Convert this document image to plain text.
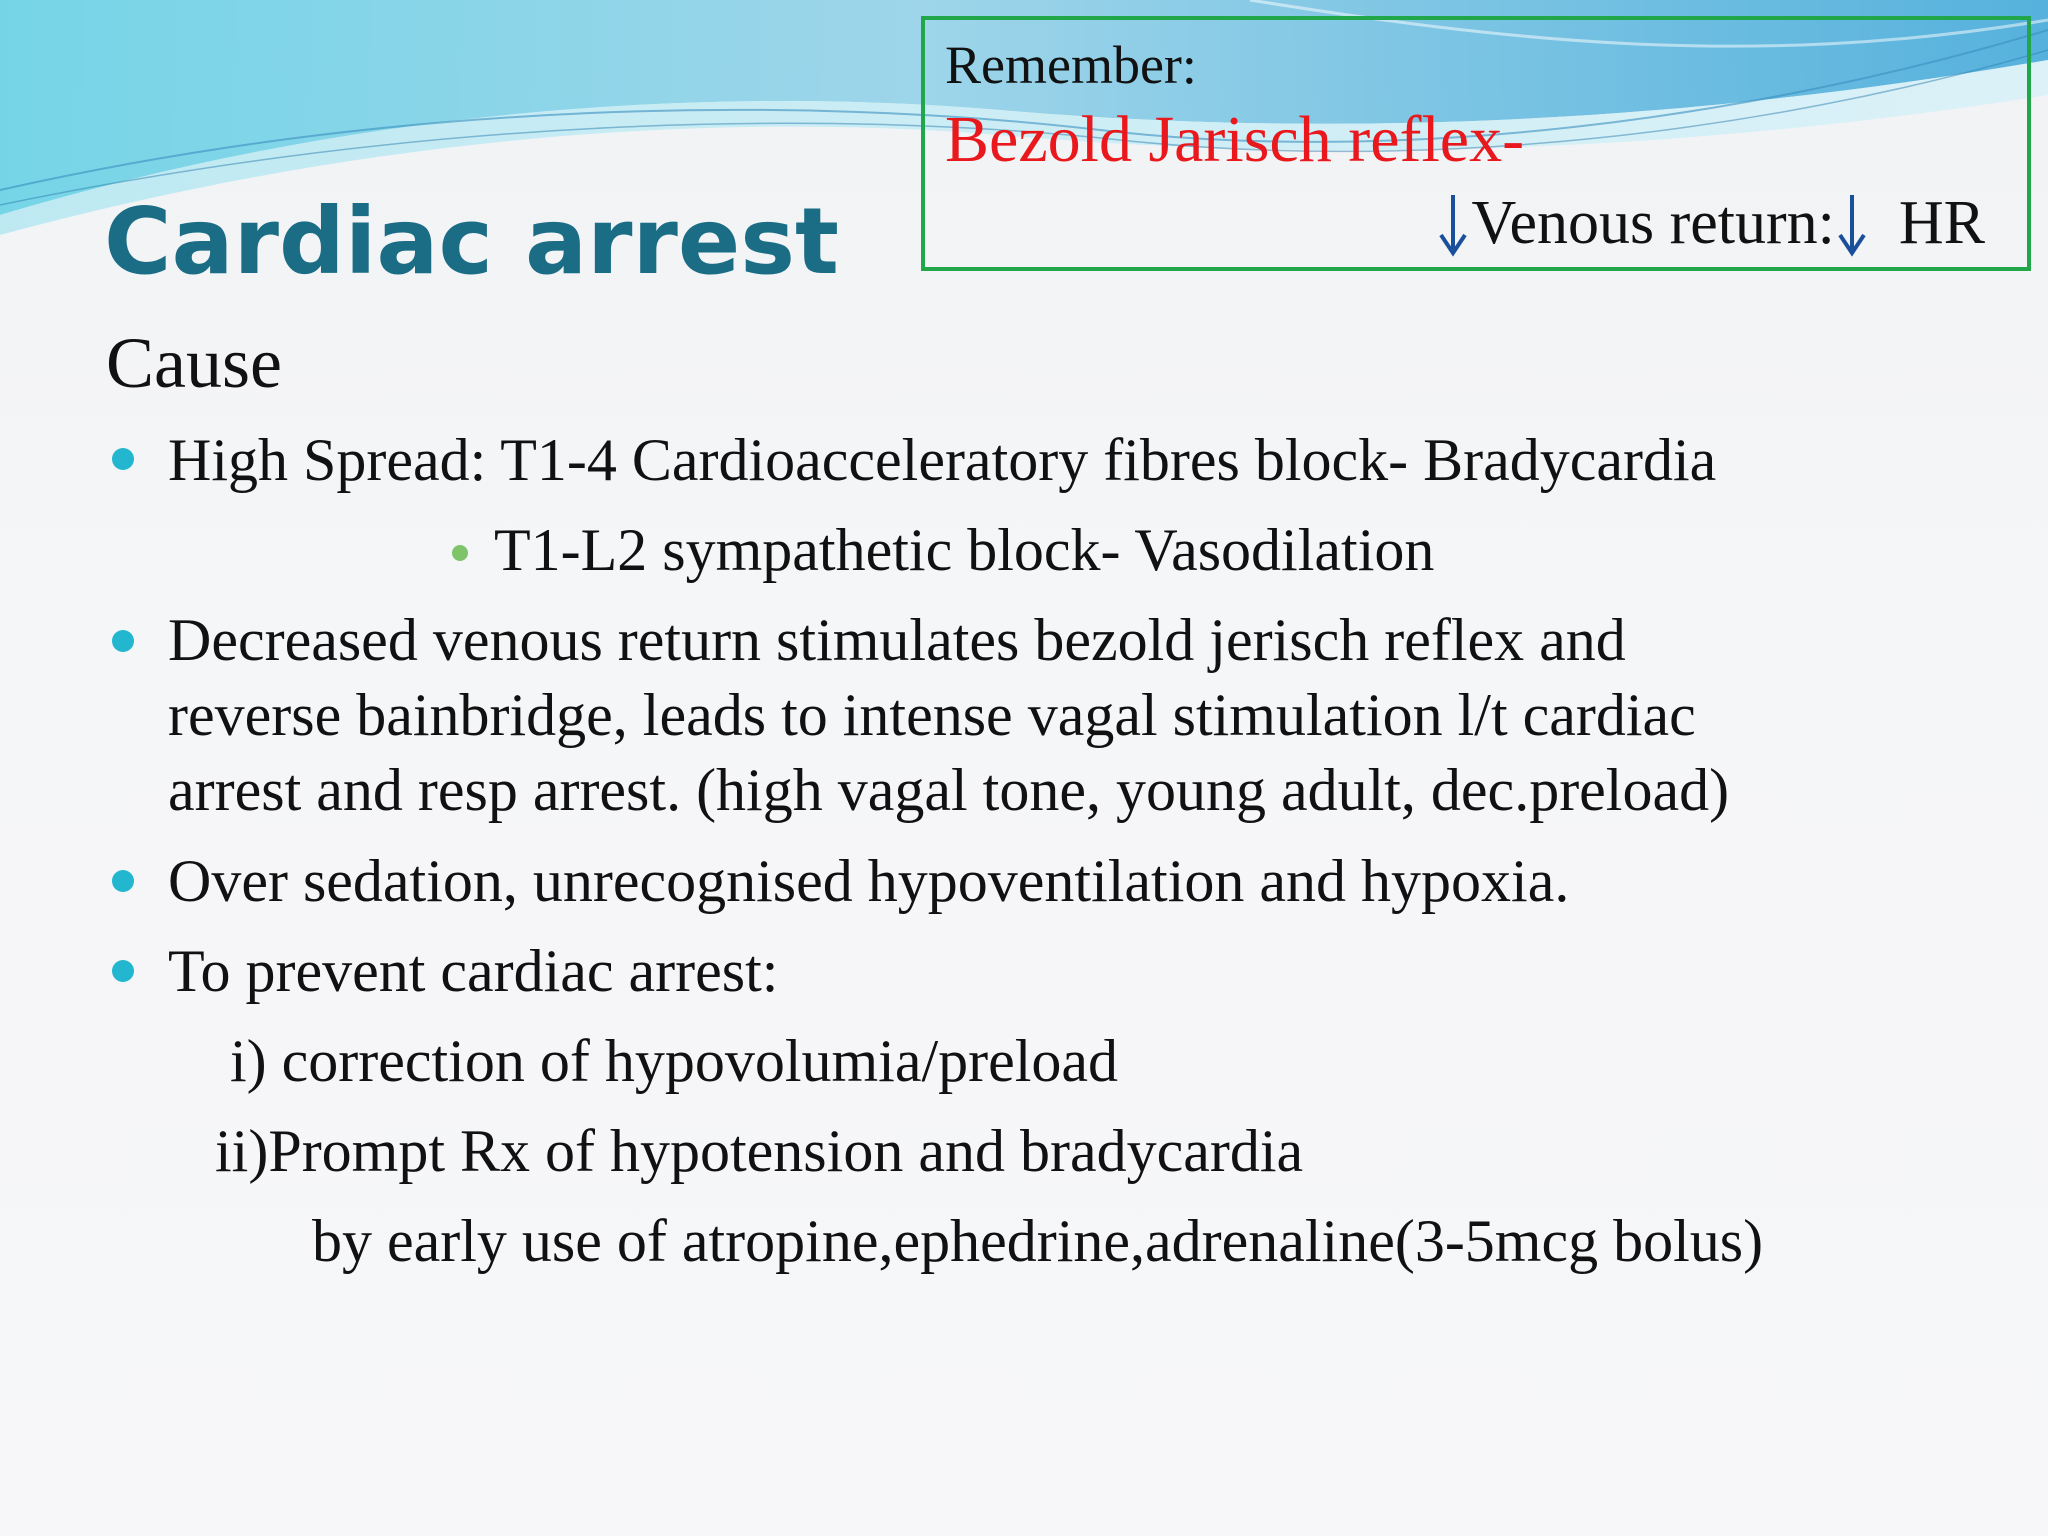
Cardiac arrest
Remember:
Bezold Jarisch reflex-
Venous return: HR
Cause
High Spread: T1-4 Cardioacceleratory fibres block- Bradycardia
T1-L2 sympathetic block- Vasodilation
Decreased venous return stimulates bezold jerisch reflex and
reverse bainbridge, leads to intense vagal stimulation l/t cardiac
arrest and resp arrest. (high vagal tone, young adult, dec.preload)
Over sedation, unrecognised hypoventilation and hypoxia.
To prevent cardiac arrest:
i) correction of hypovolumia/preload
ii)Prompt Rx of hypotension and bradycardia
by early use of atropine,ephedrine,adrenaline(3-5mcg bolus)
